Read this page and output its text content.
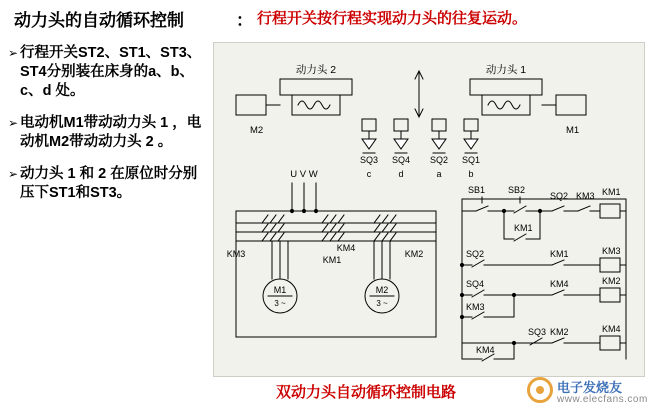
动力头的自动循环控制	： 行程开关按行程实现动力头的往复运动。
➢ 行程开关ST2、ST1、ST3、ST4分别装在床身的a、b、c、d 处。
➢ 电动机M1带动动力头 1 ，电动机M2带动动力头 2 。
➢ 动力头 1 和 2 在原位时分别压下ST1和ST3。
动力头 2	动力头 1
M2	M1
SQ3 SQ4 SQ2 SQ1
c	d	a	b
U V W
KM3
KM1
KM4
KM2
M1
3 ~
M2
3 ~
SB1	SB2
SQ2 KM3 KM1
KM1
SQ2	KM1	KM3
SQ4	KM4	KM2
KM3
SQ3 KM2	KM4
KM4
双动力头自动循环控制电路	电子发烧友
www.elecfans.com
